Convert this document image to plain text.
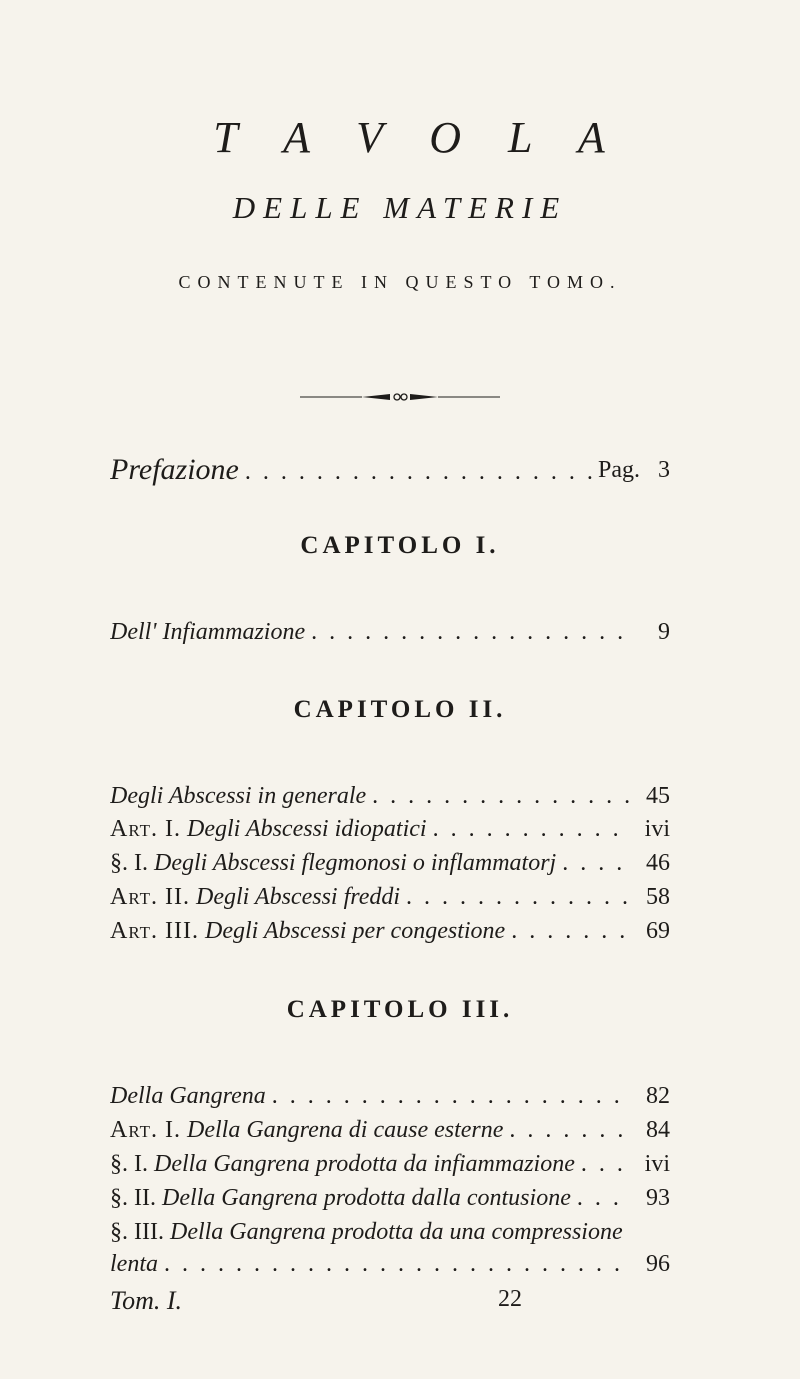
T A V O L A
DELLE MATERIE
CONTENUTE IN QUESTO TOMO.
Prefazione . . .	Pag. 3
CAPITOLO I.
Dell' Infiammazione . . .	9
CAPITOLO II.
Degli Abscessi in generale . . .	45
Art. I. Degli Abscessi idiopatici . . .	ivi
§. I. Degli Abscessi flegmonosi o inflammatorj . . .	46
Art. II. Degli Abscessi freddi . . .	58
Art. III. Degli Abscessi per congestione . . .	69
CAPITOLO III.
Della Gangrena . . .	82
Art. I. Della Gangrena di cause esterne . . .	84
§. I. Della Gangrena prodotta da infiammazione . . .	ivi
§. II. Della Gangrena prodotta dalla contusione . . .	93
§. III. Della Gangrena prodotta da una compressione
lenta . . .	96
Tom. I.	22
